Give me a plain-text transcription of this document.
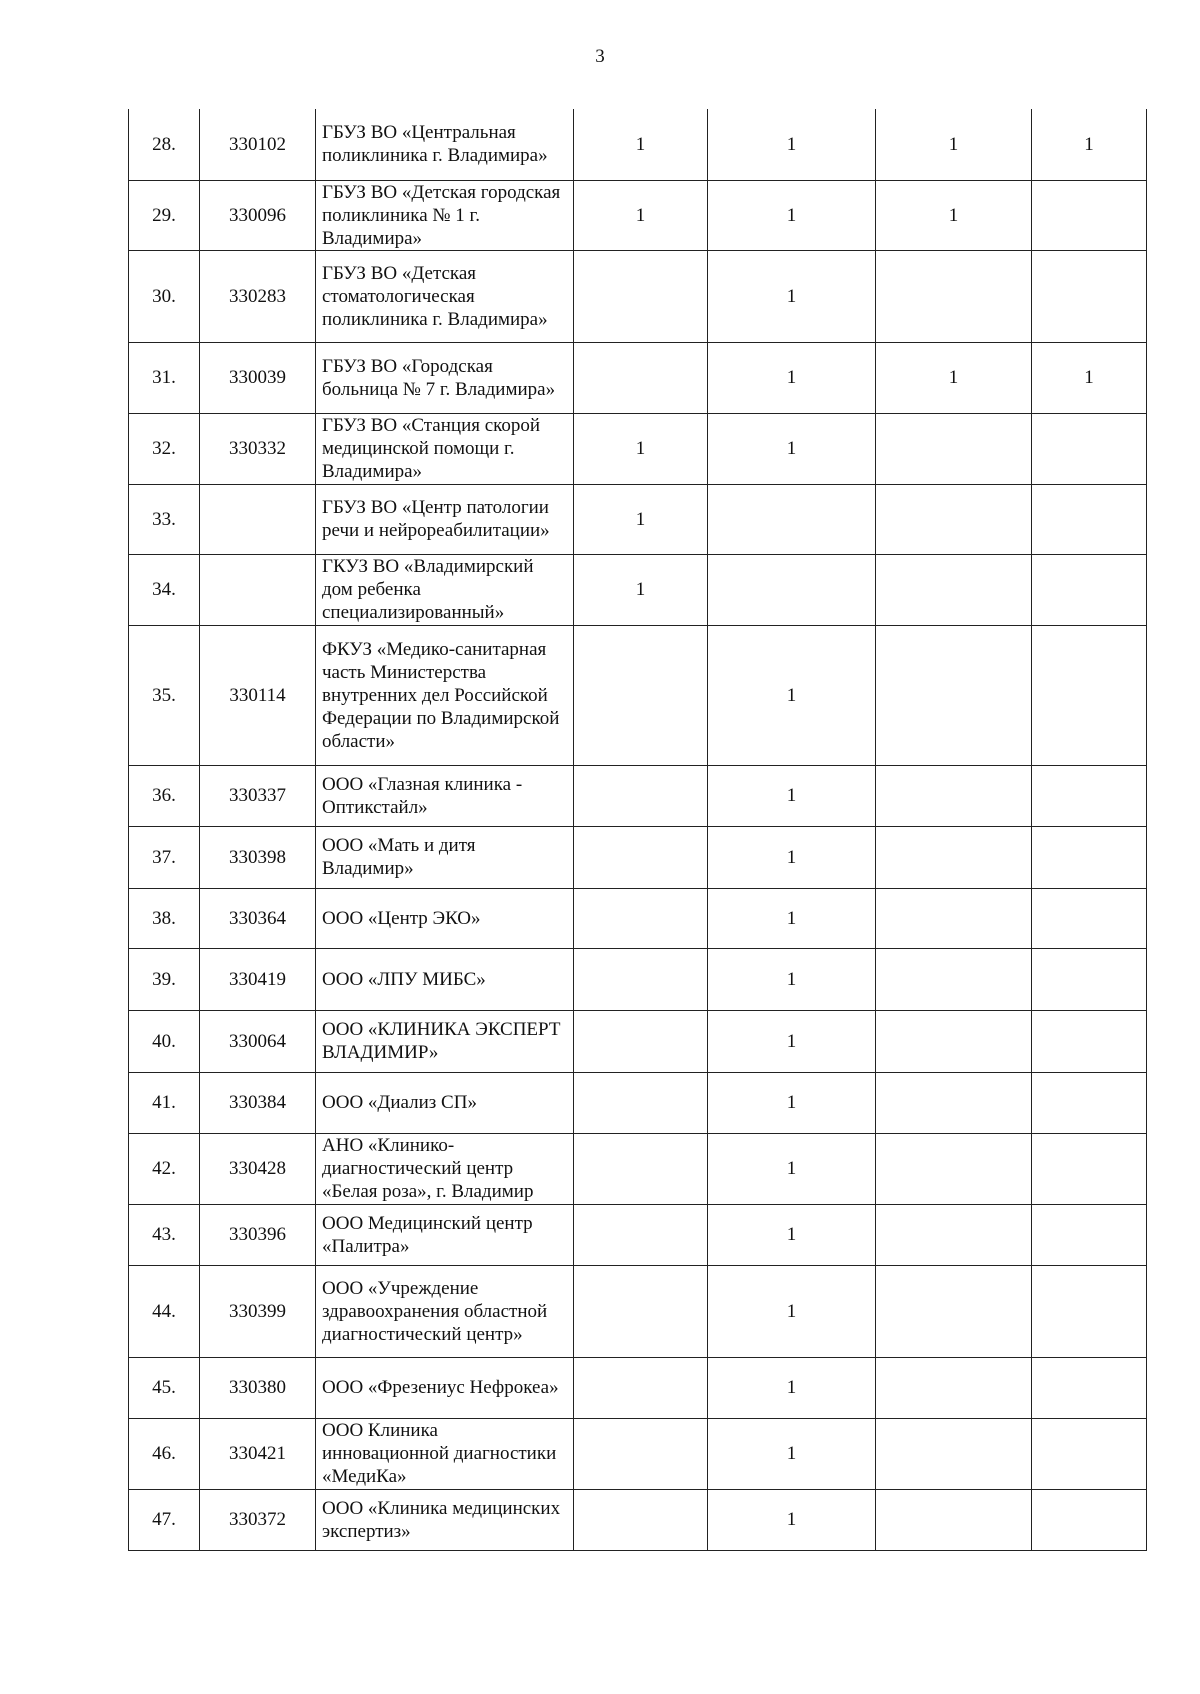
3
28.	330102	ГБУЗ ВО «Центральная поликлиника г. Владимира»	1	1	1	1
29.	330096	ГБУЗ ВО «Детская городская поликлиника № 1 г. Владимира»	1	1	1	
30.	330283	ГБУЗ ВО «Детская стоматологическая поликлиника г. Владимира»		1		
31.	330039	ГБУЗ ВО «Городская больница № 7 г. Владимира»		1	1	1
32.	330332	ГБУЗ ВО «Станция скорой медицинской помощи г. Владимира»	1	1		
33.		ГБУЗ ВО «Центр патологии речи и нейрореабилитации»	1			
34.		ГКУЗ ВО «Владимирский дом ребенка специализированный»	1			
35.	330114	ФКУЗ «Медико-санитарная часть Министерства внутренних дел Российской Федерации по Владимирской области»		1		
36.	330337	ООО «Глазная клиника - Оптикстайл»		1		
37.	330398	ООО «Мать и дитя Владимир»		1		
38.	330364	ООО «Центр ЭКО»		1		
39.	330419	ООО «ЛПУ МИБС»		1		
40.	330064	ООО «КЛИНИКА ЭКСПЕРТ ВЛАДИМИР»		1		
41.	330384	ООО «Диализ СП»		1		
42.	330428	АНО «Клинико-диагностический центр «Белая роза», г. Владимир		1		
43.	330396	ООО Медицинский центр «Палитра»		1		
44.	330399	ООО «Учреждение здравоохранения областной диагностический центр»		1		
45.	330380	ООО «Фрезениус Нефрокеа»		1		
46.	330421	ООО Клиника инновационной диагностики «МедиКа»		1		
47.	330372	ООО «Клиника медицинских экспертиз»		1		
